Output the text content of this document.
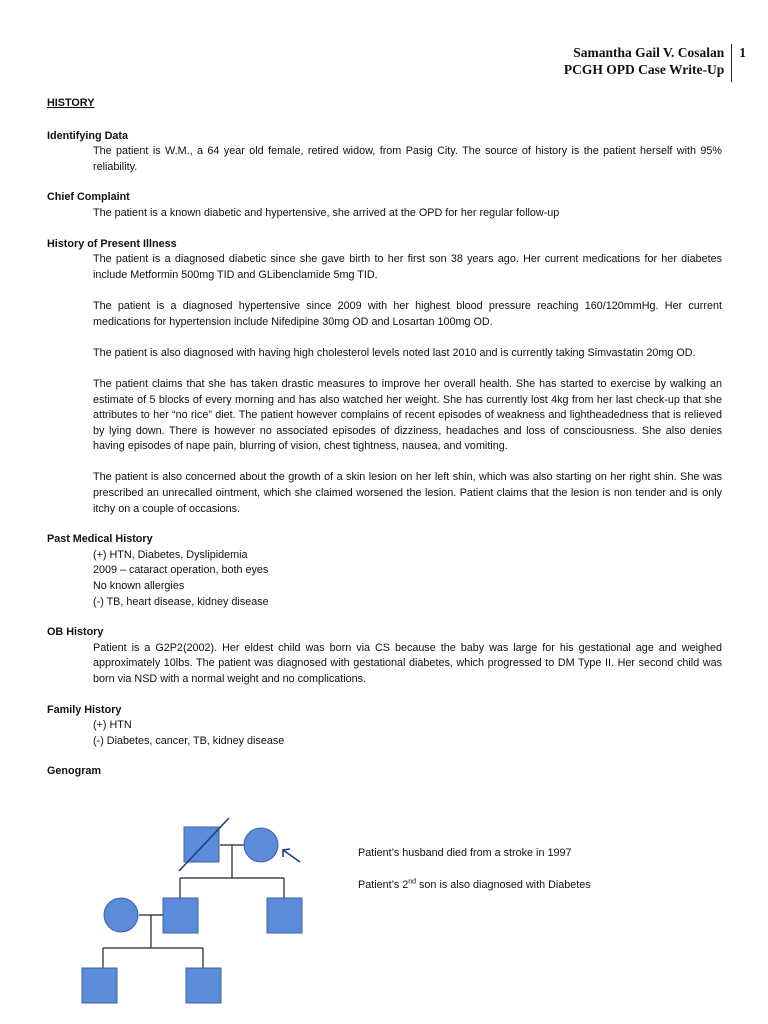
Samantha Gail V. Cosalan
PCGH OPD Case Write-Up
1

HISTORY

Identifying Data

The patient is W.M., a 64 year old female, retired widow, from Pasig City. The source of history is the patient herself with 95% reliability.

Chief Complaint

The patient is a known diabetic and hypertensive, she arrived at the OPD for her regular follow-up

History of Present Illness

The patient is a diagnosed diabetic since she gave birth to her first son 38 years ago. Her current medications for her diabetes include Metformin 500mg TID and GLibenclamide 5mg TID.

The patient is a diagnosed hypertensive since 2009 with her highest blood pressure reaching 160/120mmHg. Her current medications for hypertension include Nifedipine 30mg OD and Losartan 100mg OD.

The patient is also diagnosed with having high cholesterol levels noted last 2010 and is currently taking Simvastatin 20mg OD.

The patient claims that she has taken drastic measures to improve her overall health. She has started to exercise by walking an estimate of 5 blocks of every morning and has also watched her weight. She has currently lost 4kg from her last check-up that she attributes to her “no rice” diet. The patient however complains of recent episodes of weakness and lightheadedness that is relieved by lying down. There is however no associated episodes of dizziness, headaches and loss of consciousness. She also denies having episodes of nape pain, blurring of vision, chest tightness, nausea, and vomiting.

The patient is also concerned about the growth of a skin lesion on her left shin, which was also starting on her right shin. She was prescribed an unrecalled ointment, which she claimed worsened the lesion. Patient claims that the lesion is non tender and is only itchy on a couple of occasions.

Past Medical History

(+) HTN, Diabetes, Dyslipidemia

2009 – cataract operation, both eyes

No known allergies

(-) TB, heart disease, kidney disease

OB History

Patient is a G2P2(2002). Her eldest child was born via CS because the baby was large for his gestational age and weighed approximately 10lbs. The patient was diagnosed with gestational diabetes, which progressed to DM Type II. Her second child was born via NSD with a normal weight and no complications.

Family History

(+) HTN

(-) Diabetes, cancer, TB, kidney disease

Genogram

Patient’s husband died from a stroke in 1997
Patient’s 2nd son is also diagnosed with Diabetes
